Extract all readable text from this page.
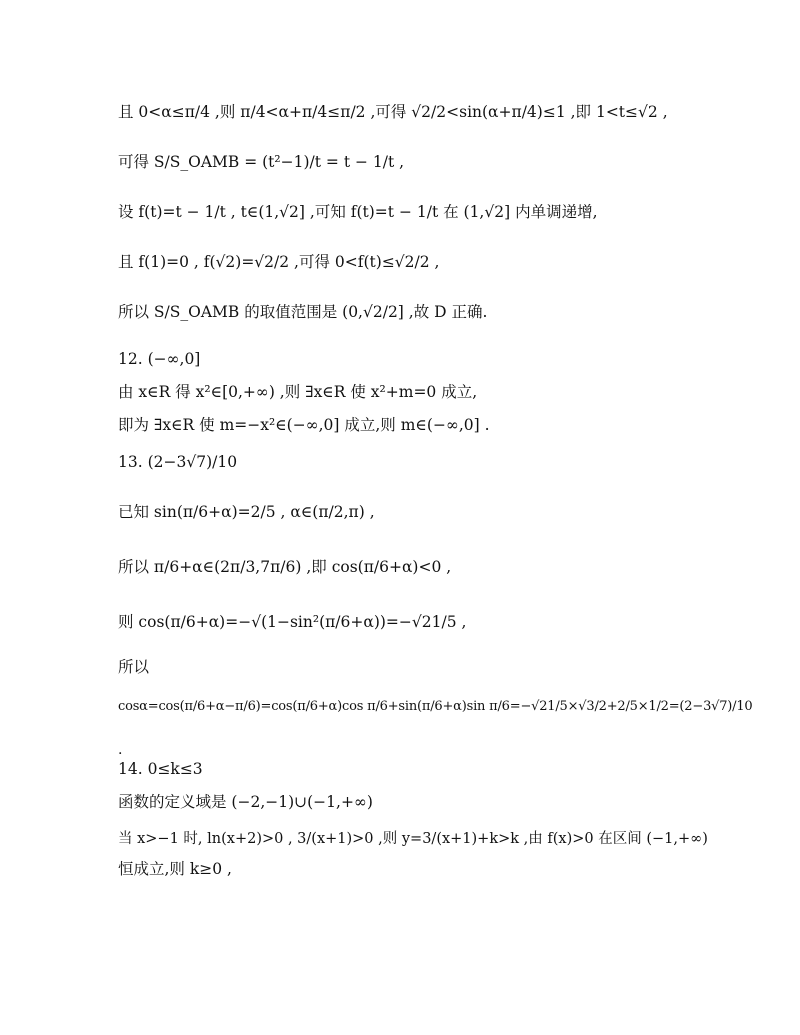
且 0<α≤π/4 ,则 π/4<α+π/4≤π/2 ,可得 √2/2<sin(α+π/4)≤1 ,即 1<t≤√2 ,
可得 S/S_OAMB = (t²−1)/t = t − 1/t ,
设 f(t)=t − 1/t , t∈(1,√2] ,可知 f(t)=t − 1/t 在 (1,√2] 内单调递增,
且 f(1)=0 , f(√2)=√2/2 ,可得 0<f(t)≤√2/2 ,
所以 S/S_OAMB 的取值范围是 (0,√2/2] ,故 D 正确.
12. (−∞,0]
由 x∈R 得 x²∈[0,+∞) ,则 ∃x∈R 使 x²+m=0 成立,
即为 ∃x∈R 使 m=−x²∈(−∞,0] 成立,则 m∈(−∞,0] .
13. (2−3√7)/10
已知 sin(π/6+α)=2/5 , α∈(π/2,π) ,
所以 π/6+α∈(2π/3,7π/6) ,即 cos(π/6+α)<0 ,
则 cos(π/6+α)=−√(1−sin²(π/6+α))=−√21/5 ,
所以
cosα=cos(π/6+α−π/6)=cos(π/6+α)cos π/6+sin(π/6+α)sin π/6=−√21/5×√3/2+2/5×1/2=(2−3√7)/10
.
14. 0≤k≤3
函数的定义域是 (−2,−1)∪(−1,+∞)
当 x>−1 时, ln(x+2)>0 , 3/(x+1)>0 ,则 y=3/(x+1)+k>k ,由 f(x)>0 在区间 (−1,+∞)
恒成立,则 k≥0 ,
